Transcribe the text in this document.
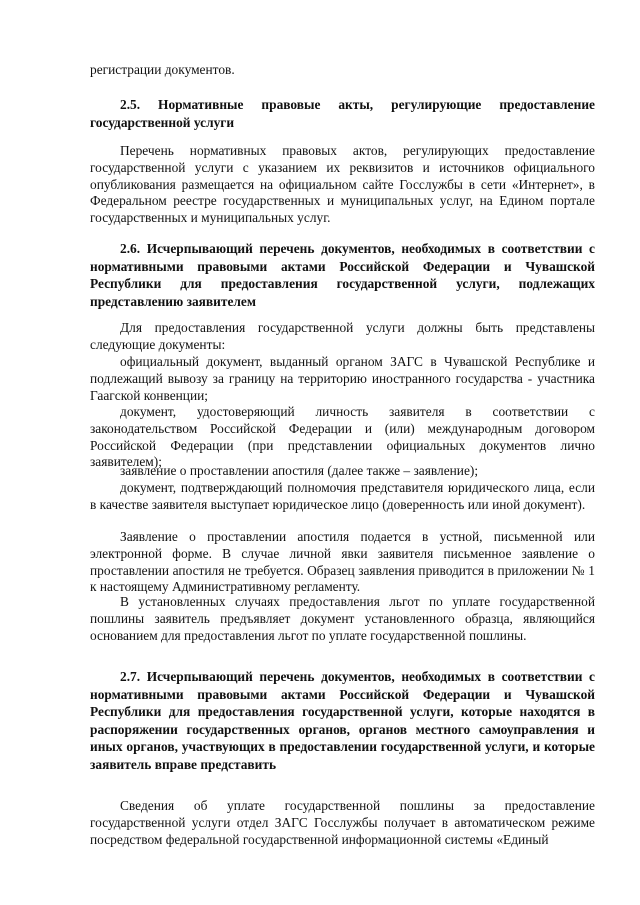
регистрации документов.

2.5. Нормативные правовые акты, регулирующие предоставление государственной услуги

Перечень нормативных правовых актов, регулирующих предоставление государственной услуги с указанием их реквизитов и источников официального опубликования размещается на официальном сайте Госслужбы в сети «Интернет», в Федеральном реестре государственных и муниципальных услуг, на Едином портале государственных и муниципальных услуг.

2.6. Исчерпывающий перечень документов, необходимых в соответствии с нормативными правовыми актами Российской Федерации и Чувашской Республики для предоставления государственной услуги, подлежащих представлению заявителем

Для предоставления государственной услуги должны быть представлены следующие документы:

официальный документ, выданный органом ЗАГС в Чувашской Республике и подлежащий вывозу за границу на территорию иностранного государства - участника Гаагской конвенции;

документ, удостоверяющий личность заявителя в соответствии с законодательством Российской Федерации и (или) международным договором Российской Федерации (при представлении официальных документов лично заявителем);

заявление о проставлении апостиля (далее также – заявление);

документ, подтверждающий полномочия представителя юридического лица, если в качестве заявителя выступает юридическое лицо (доверенность или иной документ).

Заявление о проставлении апостиля подается в устной, письменной или электронной форме. В случае личной явки заявителя письменное заявление о проставлении апостиля не требуется. Образец заявления приводится в приложении № 1 к настоящему Административному регламенту.

В установленных случаях предоставления льгот по уплате государственной пошлины заявитель предъявляет документ установленного образца, являющийся основанием для предоставления льгот по уплате государственной пошлины.

2.7. Исчерпывающий перечень документов, необходимых в соответствии с нормативными правовыми актами Российской Федерации и Чувашской Республики для предоставления государственной услуги, которые находятся в распоряжении государственных органов, органов местного самоуправления и иных органов, участвующих в предоставлении государственной услуги, и которые заявитель вправе представить

Сведения об уплате государственной пошлины за предоставление государственной услуги отдел ЗАГС Госслужбы получает в автоматическом режиме посредством федеральной государственной информационной системы «Единый
